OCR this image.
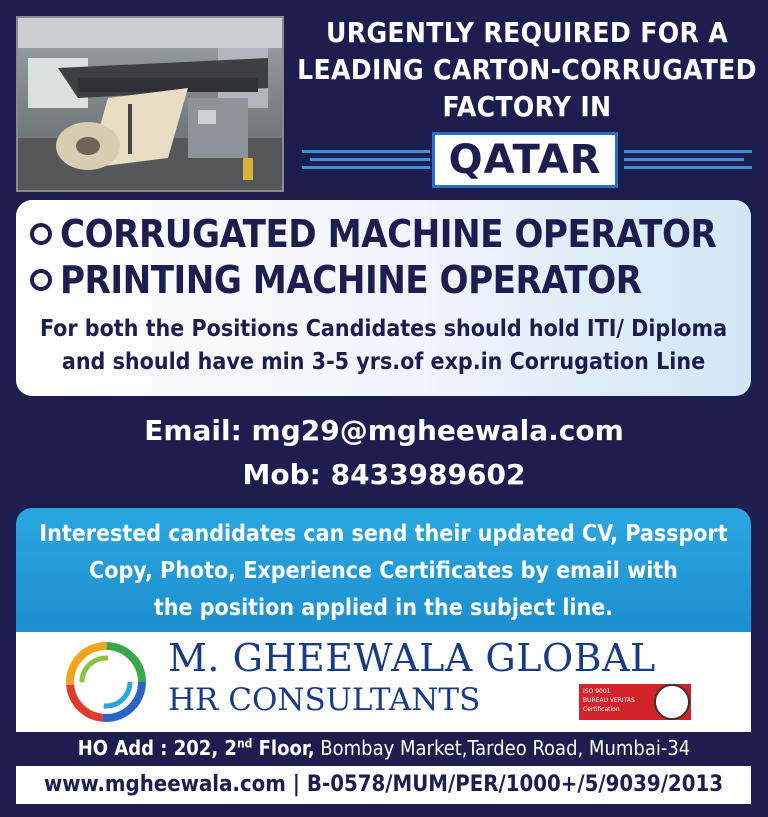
URGENTLY REQUIRED FOR A
LEADING CARTON-CORRUGATED
FACTORY IN
QATAR
CORRUGATED MACHINE OPERATOR
PRINTING MACHINE OPERATOR
For both the Positions Candidates should hold ITI/ Diploma
and should have min 3-5 yrs.of exp.in Corrugation Line
Email: mg29@mgheewala.com
Mob: 8433989602
Interested candidates can send their updated CV, Passport
Copy, Photo, Experience Certificates by email with
the position applied in the subject line.
M. GHEEWALA GLOBAL
HR CONSULTANTS	ISO 9001
BUREAU VERITAS
Certification
HO Add : 202, 2nd Floor, Bombay Market,Tardeo Road, Mumbai-34
www.mgheewala.com | B-0578/MUM/PER/1000+/5/9039/2013
